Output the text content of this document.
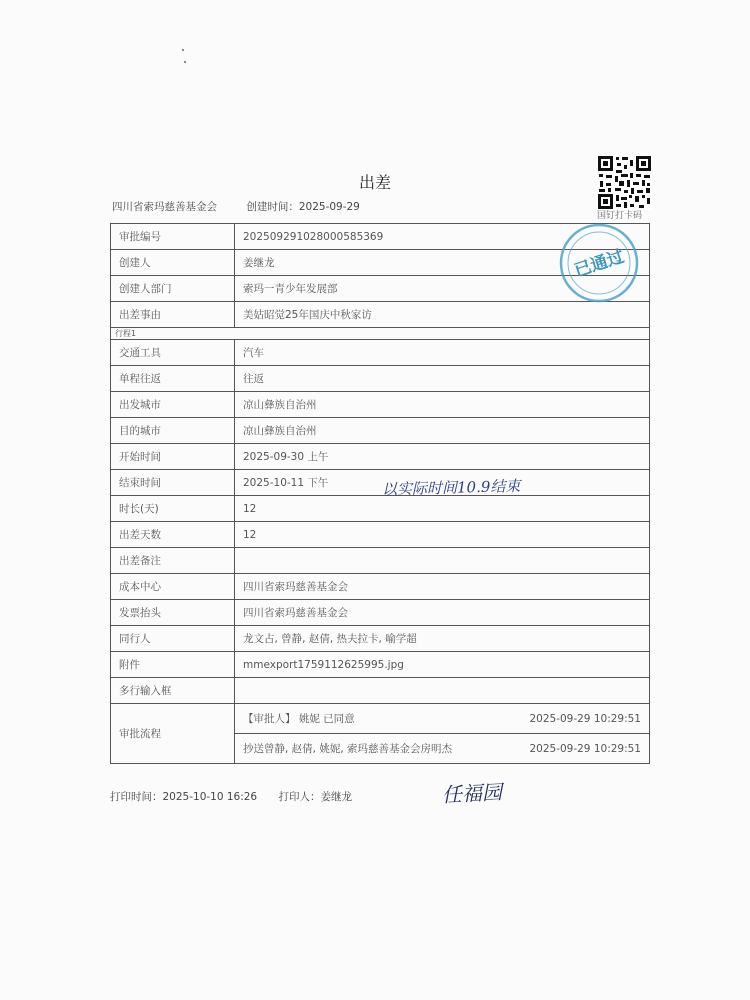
出差
四川省索玛慈善基金会	创建时间：2025-09-29
国钉打卡码
审批编号	202509291028000585369
创建人	姜继龙
创建人部门	索玛一青少年发展部
出差事由	美姑昭觉25年国庆中秋家访
行程1	
交通工具	汽车
单程往返	往返
出发城市	凉山彝族自治州
目的城市	凉山彝族自治州
开始时间	2025-09-30 上午
结束时间	2025-10-11 下午
时长(天)	12
出差天数	12
出差备注	
成本中心	四川省索玛慈善基金会
发票抬头	四川省索玛慈善基金会
同行人	龙文占, 曾静, 赵倩, 热夫拉卡, 喻学超
附件	mmexport1759112625995.jpg
多行输入框	
审批流程	【审批人】 姚妮 已同意 2025-09-29 10:29:51
抄送曾静, 赵倩, 姚妮, 索玛慈善基金会房明杰 2025-09-29 10:29:51
已通过
以实际时间10.9结束
打印时间：2025-10-10 16:26 打印人：姜继龙	任福园
